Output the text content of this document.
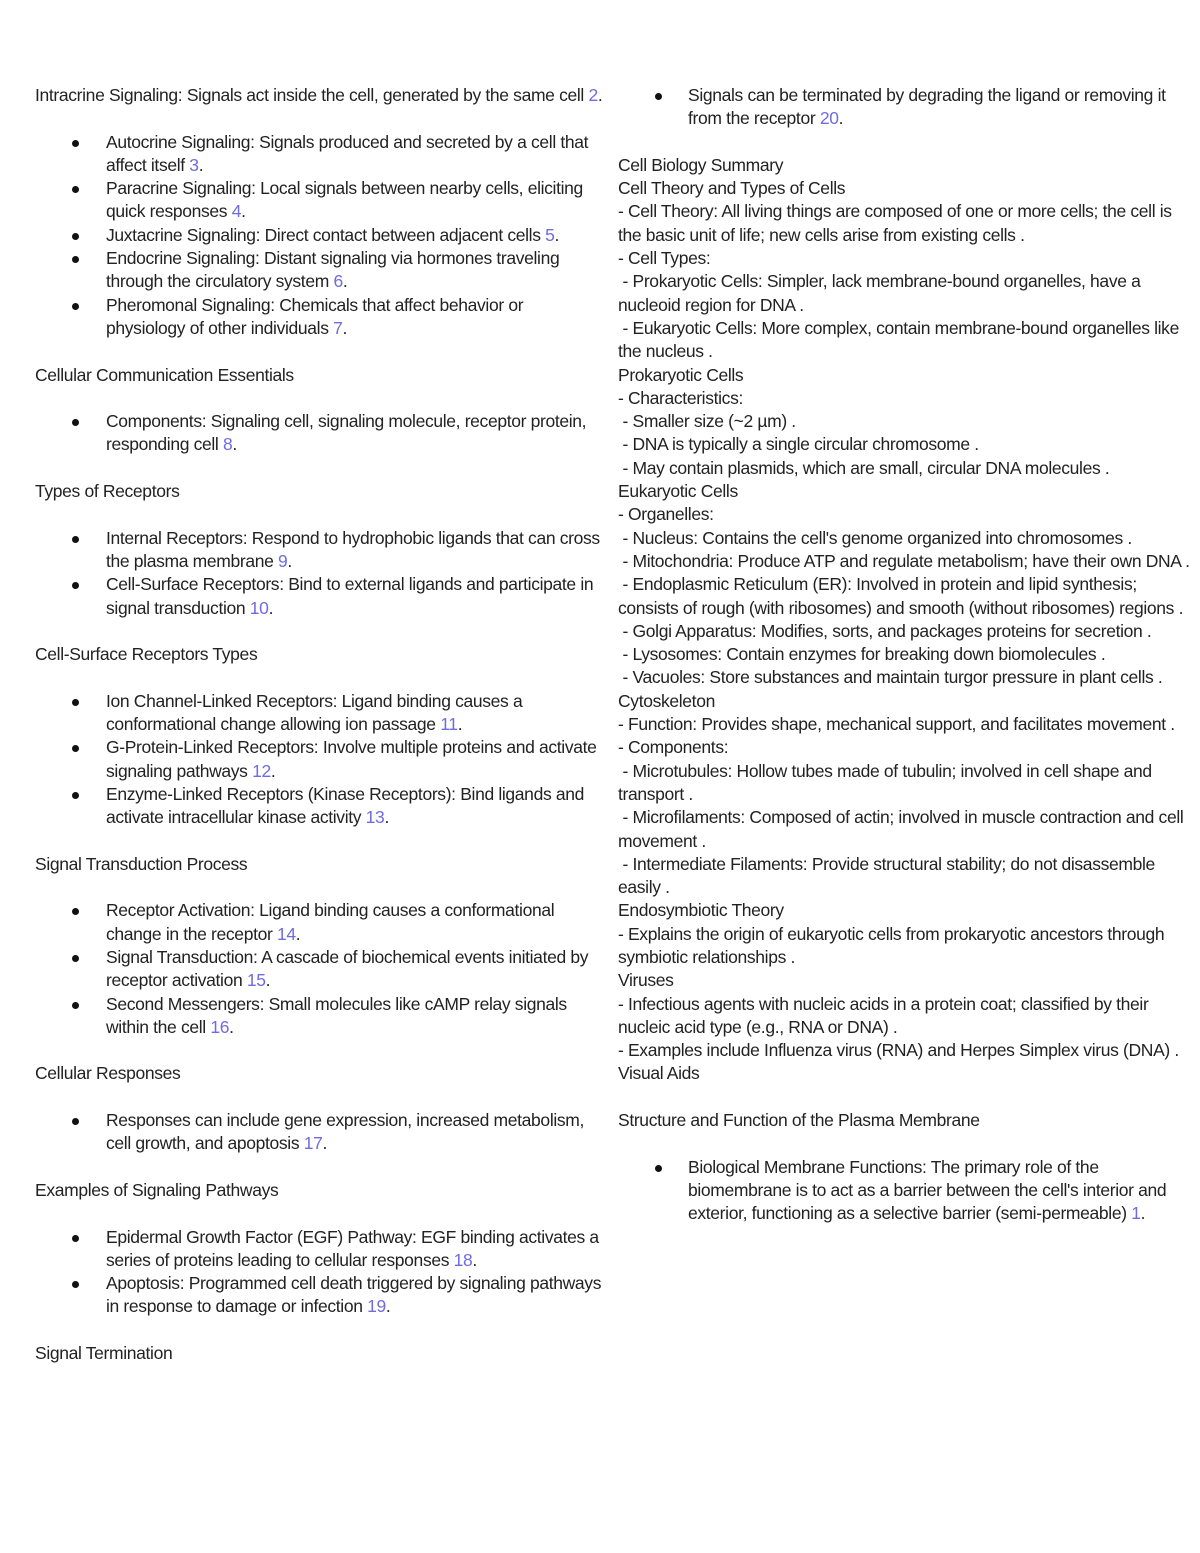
Intracrine Signaling: Signals act inside the cell, generated by the same cell 2.

Autocrine Signaling: Signals produced and secreted by a cell that affect itself 3.
Paracrine Signaling: Local signals between nearby cells, eliciting quick responses 4.
Juxtacrine Signaling: Direct contact between adjacent cells 5.
Endocrine Signaling: Distant signaling via hormones traveling through the circulatory system 6.
Pheromonal Signaling: Chemicals that affect behavior or physiology of other individuals 7.

Cellular Communication Essentials

Components: Signaling cell, signaling molecule, receptor protein, responding cell 8.

Types of Receptors

Internal Receptors: Respond to hydrophobic ligands that can cross the plasma membrane 9.
Cell-Surface Receptors: Bind to external ligands and participate in signal transduction 10.

Cell-Surface Receptors Types

Ion Channel-Linked Receptors: Ligand binding causes a conformational change allowing ion passage 11.
G-Protein-Linked Receptors: Involve multiple proteins and activate signaling pathways 12.
Enzyme-Linked Receptors (Kinase Receptors): Bind ligands and activate intracellular kinase activity 13.

Signal Transduction Process

Receptor Activation: Ligand binding causes a conformational change in the receptor 14.
Signal Transduction: A cascade of biochemical events initiated by receptor activation 15.
Second Messengers: Small molecules like cAMP relay signals within the cell 16.

Cellular Responses

Responses can include gene expression, increased metabolism, cell growth, and apoptosis 17.

Examples of Signaling Pathways

Epidermal Growth Factor (EGF) Pathway: EGF binding activates a series of proteins leading to cellular responses 18.
Apoptosis: Programmed cell death triggered by signaling pathways in response to damage or infection 19.

Signal Termination

Signals can be terminated by degrading the ligand or removing it from the receptor 20.

Cell Biology Summary

Cell Theory and Types of Cells

- Cell Theory: All living things are composed of one or more cells; the cell is the basic unit of life; new cells arise from existing cells .

- Cell Types:

- Prokaryotic Cells: Simpler, lack membrane-bound organelles, have a nucleoid region for DNA .

- Eukaryotic Cells: More complex, contain membrane-bound organelles like the nucleus .

Prokaryotic Cells

- Characteristics:

- Smaller size (~2 µm) .

- DNA is typically a single circular chromosome .

- May contain plasmids, which are small, circular DNA molecules .

Eukaryotic Cells

- Organelles:

- Nucleus: Contains the cell's genome organized into chromosomes .

- Mitochondria: Produce ATP and regulate metabolism; have their own DNA .

- Endoplasmic Reticulum (ER): Involved in protein and lipid synthesis; consists of rough (with ribosomes) and smooth (without ribosomes) regions .

- Golgi Apparatus: Modifies, sorts, and packages proteins for secretion .

- Lysosomes: Contain enzymes for breaking down biomolecules .

- Vacuoles: Store substances and maintain turgor pressure in plant cells .

Cytoskeleton

- Function: Provides shape, mechanical support, and facilitates movement .

- Components:

- Microtubules: Hollow tubes made of tubulin; involved in cell shape and transport .

- Microfilaments: Composed of actin; involved in muscle contraction and cell movement .

- Intermediate Filaments: Provide structural stability; do not disassemble easily .

Endosymbiotic Theory

- Explains the origin of eukaryotic cells from prokaryotic ancestors through symbiotic relationships .

Viruses

- Infectious agents with nucleic acids in a protein coat; classified by their nucleic acid type (e.g., RNA or DNA) .

- Examples include Influenza virus (RNA) and Herpes Simplex virus (DNA) .

Visual Aids

Structure and Function of the Plasma Membrane

Biological Membrane Functions: The primary role of the biomembrane is to act as a barrier between the cell's interior and exterior, functioning as a selective barrier (semi-permeable) 1.
